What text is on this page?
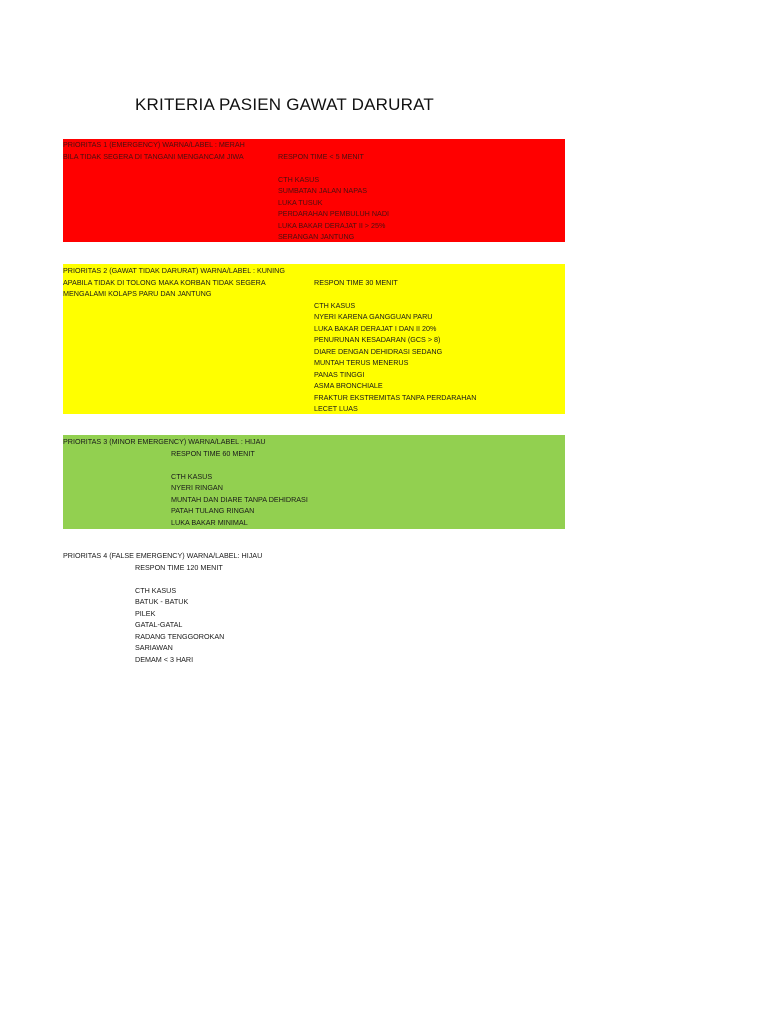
KRITERIA PASIEN GAWAT DARURAT
PRIORITAS 1 (EMERGENCY) WARNA/LABEL : MERAH
BILA TIDAK SEGERA DI TANGANI MENGANCAM JIWA	RESPON TIME < 5 MENIT
CTH KASUS
SUMBATAN JALAN NAPAS
LUKA TUSUK
PERDARAHAN PEMBULUH NADI
LUKA BAKAR DERAJAT II > 25%
SERANGAN JANTUNG
PRIORITAS 2 (GAWAT TIDAK DARURAT) WARNA/LABEL : KUNING
APABILA TIDAK DI TOLONG MAKA KORBAN TIDAK SEGERA
MENGALAMI KOLAPS PARU DAN JANTUNG
RESPON TIME 30 MENIT
CTH KASUS
NYERI KARENA GANGGUAN PARU
LUKA BAKAR DERAJAT I DAN II 20%
PENURUNAN KESADARAN (GCS > 8)
DIARE DENGAN DEHIDRASI SEDANG
MUNTAH TERUS MENERUS
PANAS TINGGI
ASMA BRONCHIALE
FRAKTUR EKSTREMITAS TANPA PERDARAHAN
LECET LUAS
PRIORITAS 3 (MINOR EMERGENCY) WARNA/LABEL : HIJAU
RESPON TIME 60 MENIT
CTH KASUS
NYERI RINGAN
MUNTAH DAN DIARE TANPA DEHIDRASI
PATAH TULANG RINGAN
LUKA BAKAR MINIMAL
PRIORITAS 4 (FALSE EMERGENCY) WARNA/LABEL: HIJAU
RESPON TIME 120 MENIT
CTH KASUS
BATUK - BATUK
PILEK
GATAL-GATAL
RADANG TENGGOROKAN
SARIAWAN
DEMAM < 3 HARI
